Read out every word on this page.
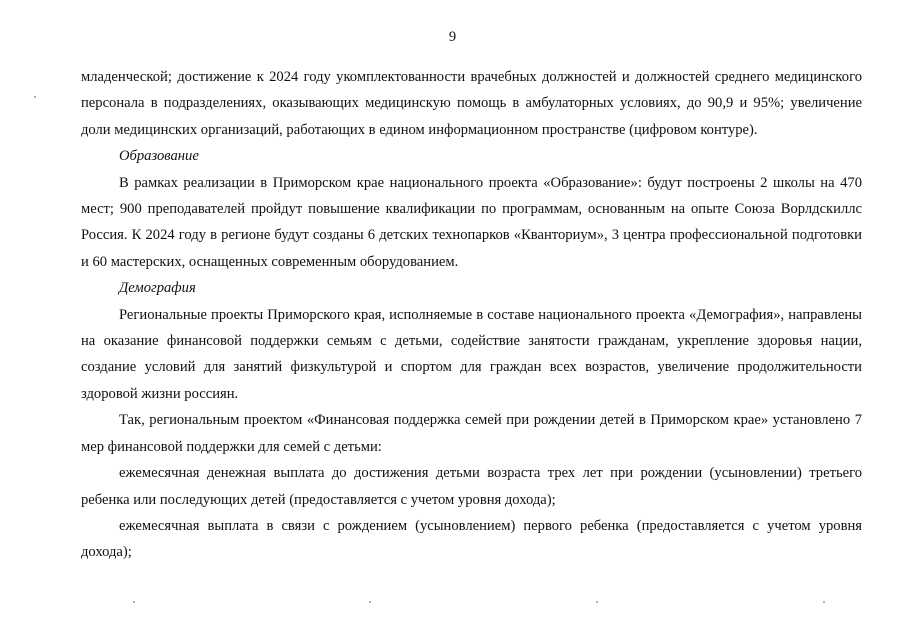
9

младенческой; достижение к 2024 году укомплектованности врачебных должностей и должностей среднего медицинского персонала в подразделениях, оказывающих медицинскую помощь в амбулаторных условиях, до 90,9 и 95%; увеличение доли медицинских организаций, работающих в едином информационном пространстве (цифровом контуре).

Образование

В рамках реализации в Приморском крае национального проекта «Образование»: будут построены 2 школы на 470 мест; 900 преподавателей пройдут повышение квалификации по программам, основанным на опыте Союза Ворлдскиллс Россия. К 2024 году в регионе будут созданы 6 детских технопарков «Кванториум», 3 центра профессиональной подготовки и 60 мастерских, оснащенных современным оборудованием.

Демография

Региональные проекты Приморского края, исполняемые в составе национального проекта «Демография», направлены на оказание финансовой поддержки семьям с детьми, содействие занятости гражданам, укрепление здоровья нации, создание условий для занятий физкультурой и спортом для граждан всех возрастов, увеличение продолжительности здоровой жизни россиян.

Так, региональным проектом «Финансовая поддержка семей при рождении детей в Приморском крае» установлено 7 мер финансовой поддержки для семей с детьми:

ежемесячная денежная выплата до достижения детьми возраста трех лет при рождении (усыновлении) третьего ребенка или последующих детей (предоставляется с учетом уровня дохода);

ежемесячная выплата в связи с рождением (усыновлением) первого ребенка (предоставляется с учетом уровня дохода);
